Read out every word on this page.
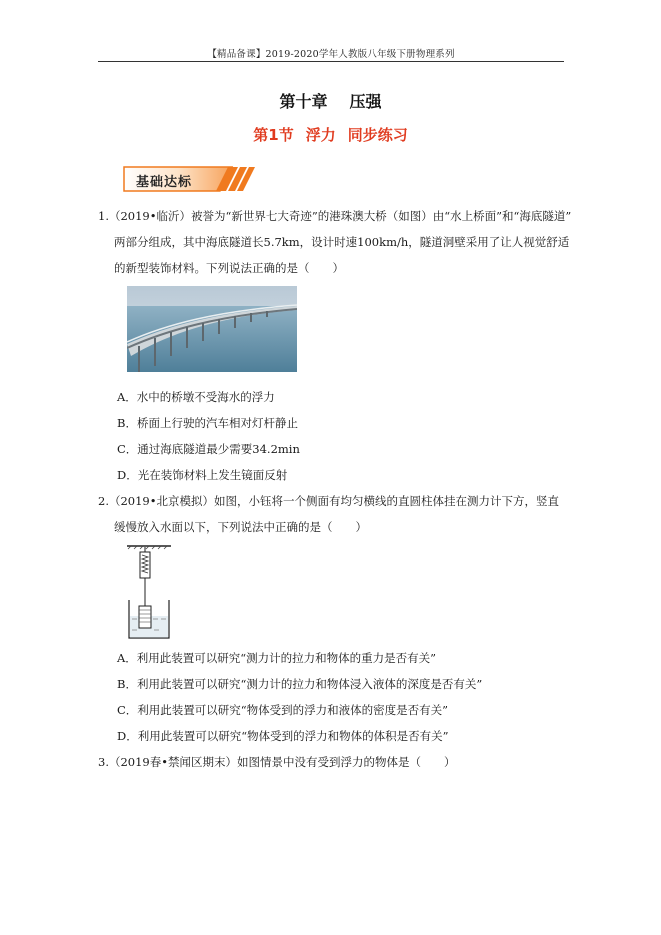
【精品备课】2019-2020学年人教版八年级下册物理系列
第十章 压强
第1节 浮力 同步练习
基础达标
1.（2019•临沂）被誉为“新世界七大奇迹”的港珠澳大桥（如图）由“水上桥面”和“海底隧道”
两部分组成，其中海底隧道长5.7km，设计时速100km/h，隧道洞壁采用了让人视觉舒适
的新型装饰材料。下列说法正确的是（　　）
A．水中的桥墩不受海水的浮力
B．桥面上行驶的汽车相对灯杆静止
C．通过海底隧道最少需要34.2min
D．光在装饰材料上发生镜面反射
2.（2019•北京模拟）如图，小钰将一个侧面有均匀横线的直圆柱体挂在测力计下方，竖直
缓慢放入水面以下，下列说法中正确的是（　　）
A．利用此装置可以研究“测力计的拉力和物体的重力是否有关”
B．利用此装置可以研究“测力计的拉力和物体浸入液体的深度是否有关”
C．利用此装置可以研究“物体受到的浮力和液体的密度是否有关”
D．利用此装置可以研究“物体受到的浮力和物体的体积是否有关”
3.（2019春•禁闻区期末）如图情景中没有受到浮力的物体是（　　）
